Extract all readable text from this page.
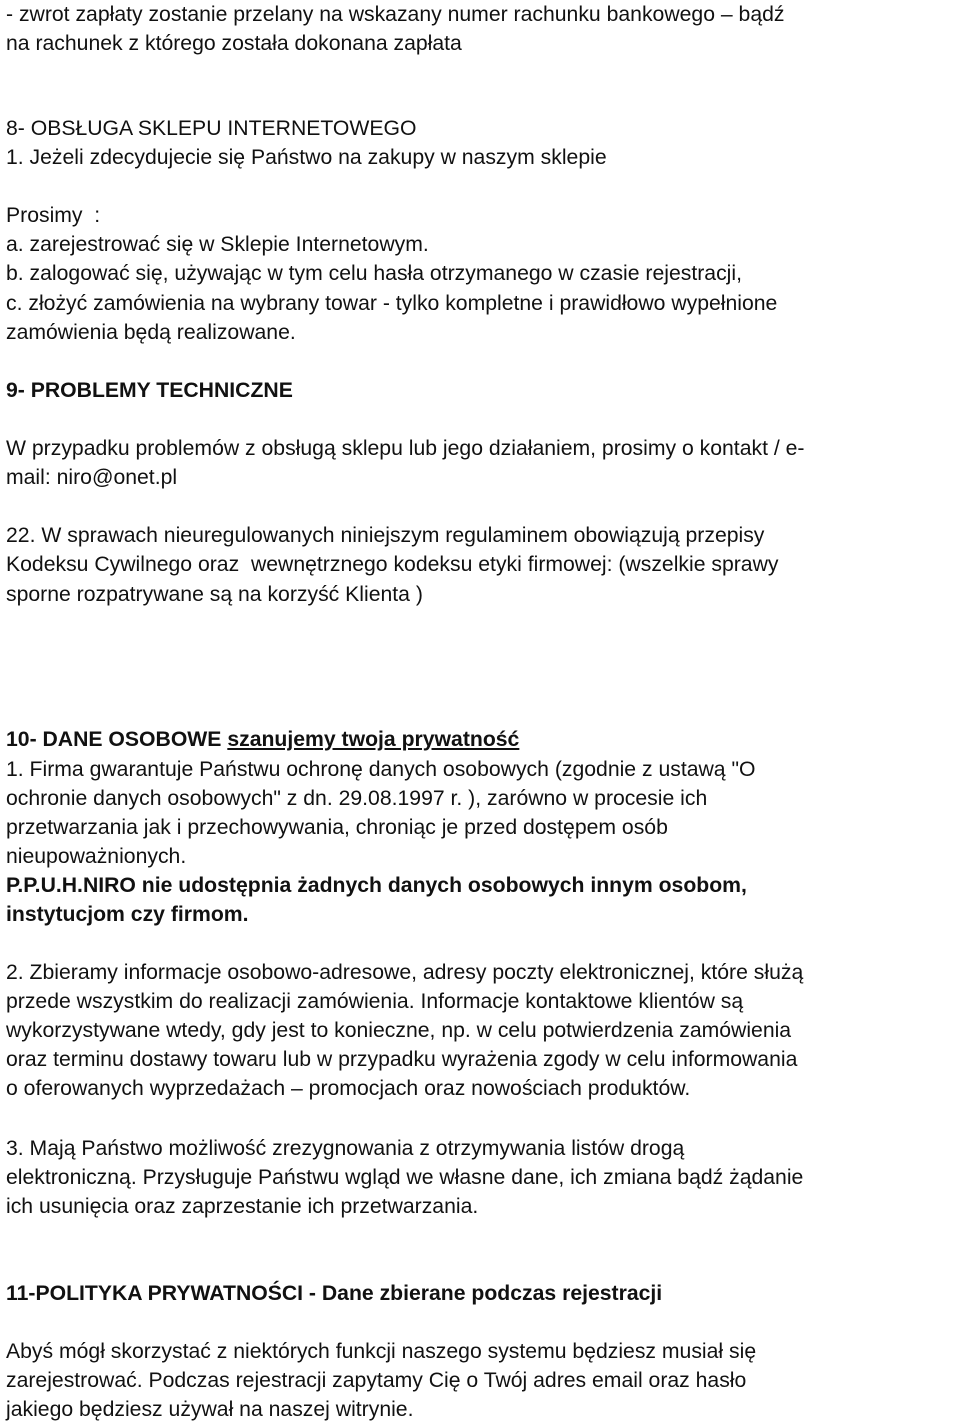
- zwrot zapłaty zostanie przelany na wskazany numer rachunku bankowego – bądź

na rachunek z którego została dokonana zapłata

8- OBSŁUGA SKLEPU INTERNETOWEGO

1. Jeżeli zdecydujecie się Państwo na zakupy w naszym sklepie

Prosimy  :

a. zarejestrować się w Sklepie Internetowym.

b. zalogować się, używając w tym celu hasła otrzymanego w czasie rejestracji,

c. złożyć zamówienia na wybrany towar - tylko kompletne i prawidłowo wypełnione

zamówienia będą realizowane.

9- PROBLEMY TECHNICZNE

W przypadku problemów z obsługą sklepu lub jego działaniem, prosimy o kontakt / e-

mail: niro@onet.pl

22. W sprawach nieuregulowanych niniejszym regulaminem obowiązują przepisy

Kodeksu Cywilnego oraz  wewnętrznego kodeksu etyki firmowej: (wszelkie sprawy

sporne rozpatrywane są na korzyść Klienta )

10- DANE OSOBOWE szanujemy twoja prywatność

1. Firma gwarantuje Państwu ochronę danych osobowych (zgodnie z ustawą "O

ochronie danych osobowych" z dn. 29.08.1997 r. ), zarówno w procesie ich

przetwarzania jak i przechowywania, chroniąc je przed dostępem osób

nieupoważnionych.

P.P.U.H.NIRO nie udostępnia żadnych danych osobowych innym osobom,

instytucjom czy firmom.

2. Zbieramy informacje osobowo-adresowe, adresy poczty elektronicznej, które służą

przede wszystkim do realizacji zamówienia. Informacje kontaktowe klientów są

wykorzystywane wtedy, gdy jest to konieczne, np. w celu potwierdzenia zamówienia

oraz terminu dostawy towaru lub w przypadku wyrażenia zgody w celu informowania

o oferowanych wyprzedażach – promocjach oraz nowościach produktów.

3. Mają Państwo możliwość zrezygnowania z otrzymywania listów drogą

elektroniczną. Przysługuje Państwu wgląd we własne dane, ich zmiana bądź żądanie

ich usunięcia oraz zaprzestanie ich przetwarzania.

11-POLITYKA PRYWATNOŚCI - Dane zbierane podczas rejestracji

Abyś mógł skorzystać z niektórych funkcji naszego systemu będziesz musiał się

zarejestrować. Podczas rejestracji zapytamy Cię o Twój adres email oraz hasło

jakiego będziesz używał na naszej witrynie.
